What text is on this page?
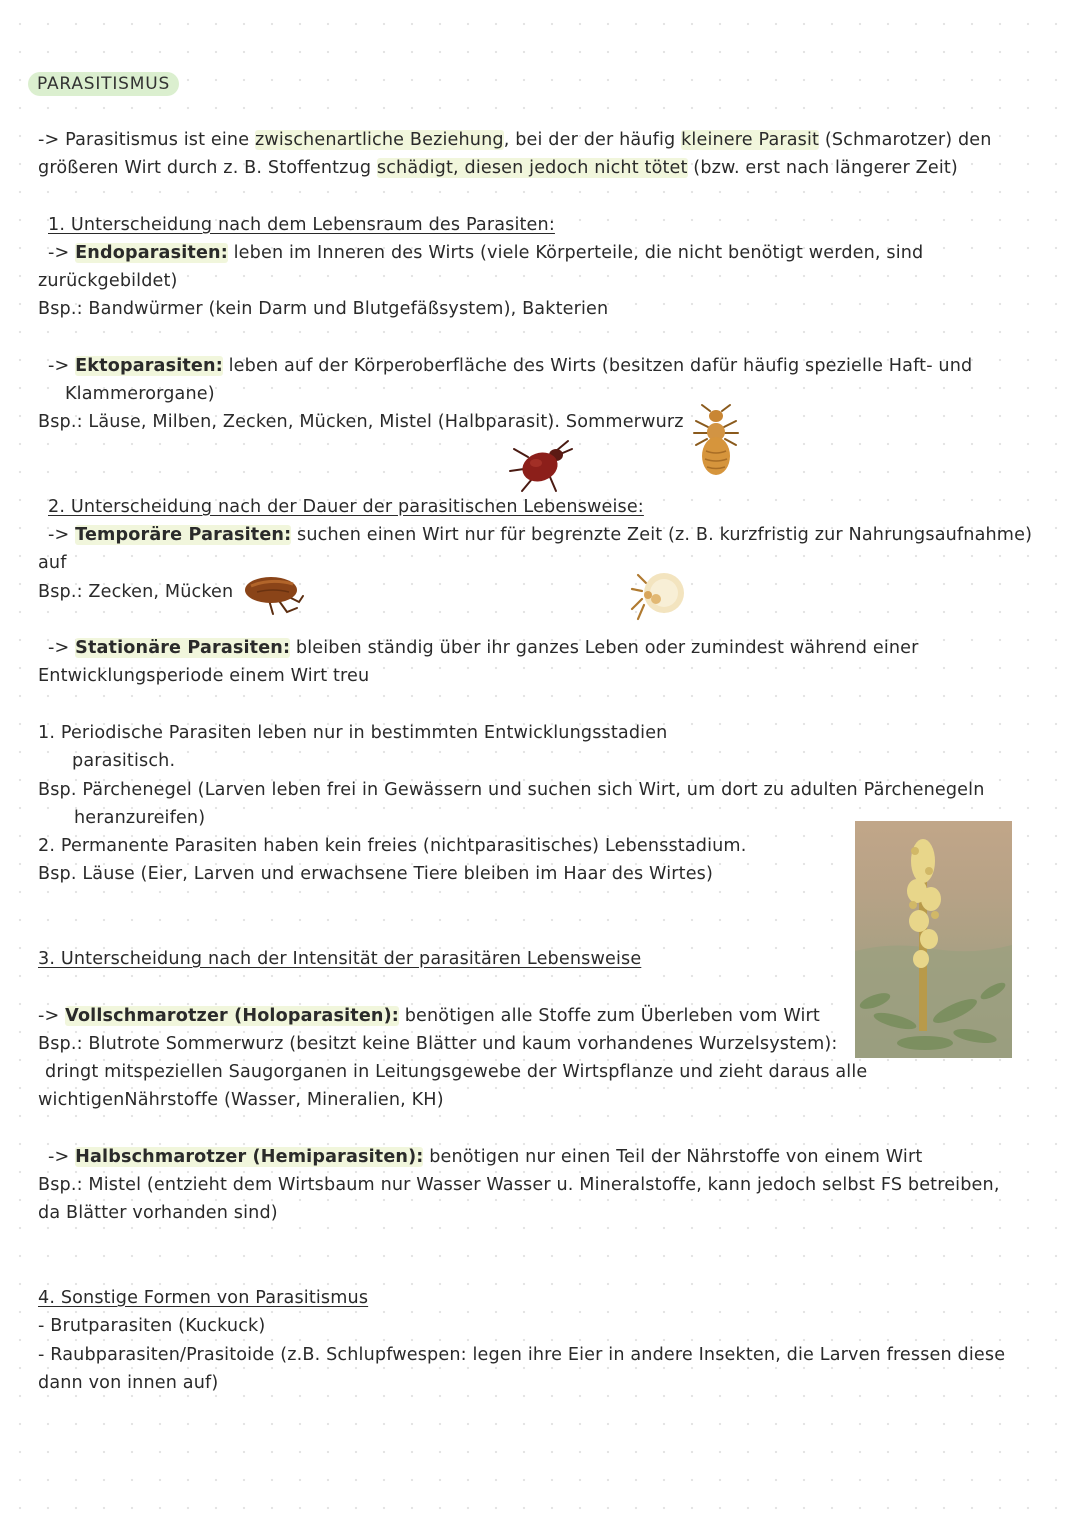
PARASITISMUS

-> Parasitismus ist eine zwischenartliche Beziehung, bei der der häufig kleinere Parasit (Schmarotzer) den

größeren Wirt durch z. B. Stoffentzug schädigt, diesen jedoch nicht tötet (bzw. erst nach längerer Zeit)

1. Unterscheidung nach dem Lebensraum des Parasiten:

-> Endoparasiten: leben im Inneren des Wirts (viele Körperteile, die nicht benötigt werden, sind

zurückgebildet)

Bsp.: Bandwürmer (kein Darm und Blutgefäßsystem), Bakterien

-> Ektoparasiten: leben auf der Körperoberfläche des Wirts (besitzen dafür häufig spezielle Haft- und

Klammerorgane)

Bsp.: Läuse, Milben, Zecken, Mücken, Mistel (Halbparasit). Sommerwurz

2. Unterscheidung nach der Dauer der parasitischen Lebensweise:

-> Temporäre Parasiten: suchen einen Wirt nur für begrenzte Zeit (z. B. kurzfristig zur Nahrungsaufnahme)

auf

Bsp.: Zecken, Mücken

-> Stationäre Parasiten: bleiben ständig über ihr ganzes Leben oder zumindest während einer

Entwicklungsperiode einem Wirt treu

1. Periodische Parasiten leben nur in bestimmten Entwicklungsstadien

parasitisch.

Bsp. Pärchenegel (Larven leben frei in Gewässern und suchen sich Wirt, um dort zu adulten Pärchenegeln

heranzureifen)

2. Permanente Parasiten haben kein freies (nichtparasitisches) Lebensstadium.

Bsp. Läuse (Eier, Larven und erwachsene Tiere bleiben im Haar des Wirtes)

3. Unterscheidung nach der Intensität der parasitären Lebensweise

-> Vollschmarotzer (Holoparasiten): benötigen alle Stoffe zum Überleben vom Wirt

Bsp.: Blutrote Sommerwurz (besitzt keine Blätter und kaum vorhandenes Wurzelsystem):

dringt mitspeziellen Saugorganen in Leitungsgewebe der Wirtspflanze und zieht daraus alle

wichtigenNährstoffe (Wasser, Mineralien, KH)

-> Halbschmarotzer (Hemiparasiten): benötigen nur einen Teil der Nährstoffe von einem Wirt

Bsp.: Mistel (entzieht dem Wirtsbaum nur Wasser Wasser u. Mineralstoffe, kann jedoch selbst FS betreiben,

da Blätter vorhanden sind)

4. Sonstige Formen von Parasitismus

- Brutparasiten (Kuckuck)

- Raubparasiten/Prasitoide (z.B. Schlupfwespen: legen ihre Eier in andere Insekten, die Larven fressen diese

dann von innen auf)
